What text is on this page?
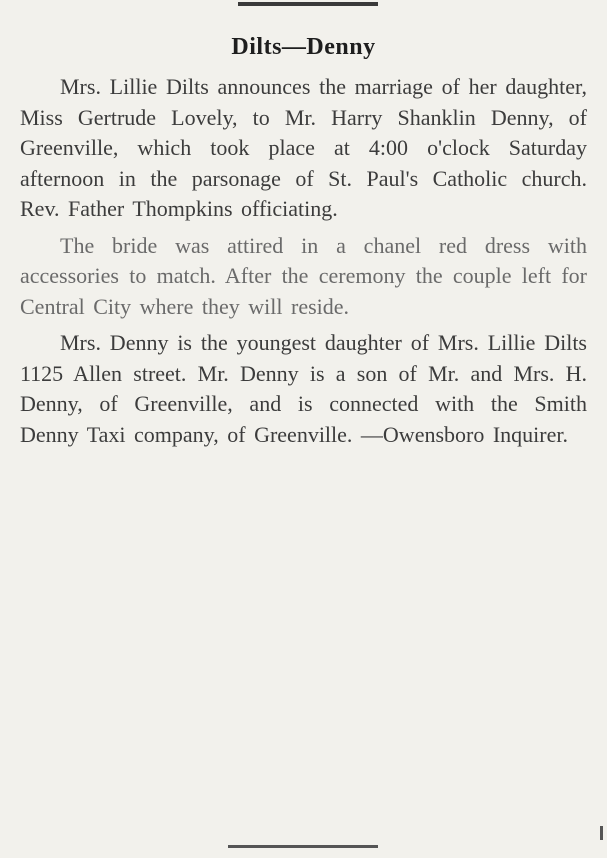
Dilts—Denny

Mrs. Lillie Dilts announces the marriage of her daughter, Miss Gertrude Lovely, to Mr. Harry Shanklin Denny, of Greenville, which took place at 4:00 o'clock Saturday afternoon in the parsonage of St. Paul's Catholic church. Rev. Father Thompkins officiating.

The bride was attired in a chanel red dress with accessories to match. After the ceremony the couple left for Central City where they will reside.

Mrs. Denny is the youngest daughter of Mrs. Lillie Dilts 1125 Allen street. Mr. Denny is a son of Mr. and Mrs. H. Denny, of Greenville, and is connected with the Smith Denny Taxi company, of Greenville. —Owensboro Inquirer.
